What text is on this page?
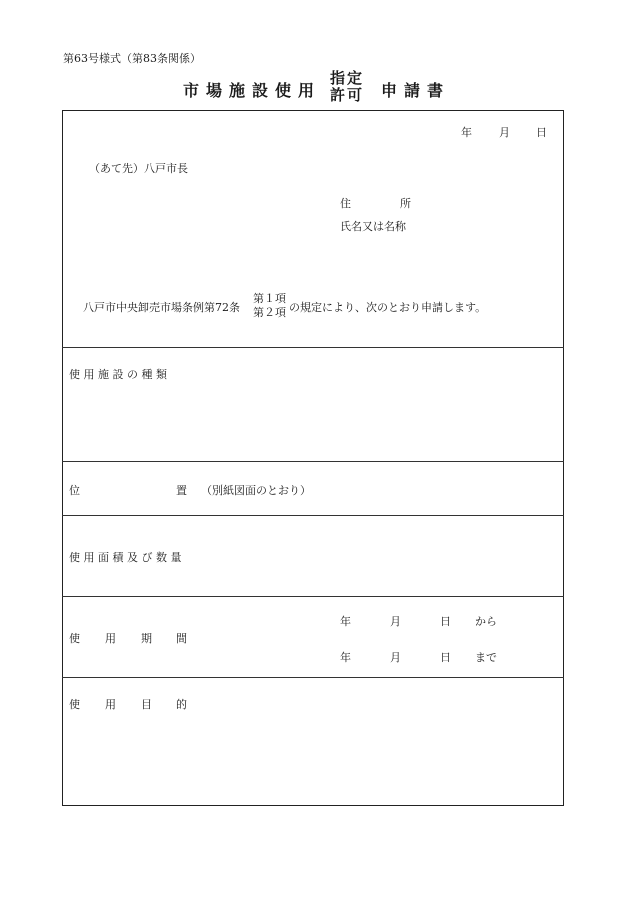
第63号様式（第83条関係）
市場施設使用
指定
許可 申請書
年 月 日
（あて先）八戸市長
住	所
氏名又は名称
八戸市中央卸売市場条例第72条
第１項
第２項 の規定により、次のとおり申請します。
使 用 施 設 の 種 類
位	置 （別紙図面のとおり）
使 用 面 積 及 び 数 量
使 用 期 間
年	月	日 から
年	月	日 まで
使 用 目 的
